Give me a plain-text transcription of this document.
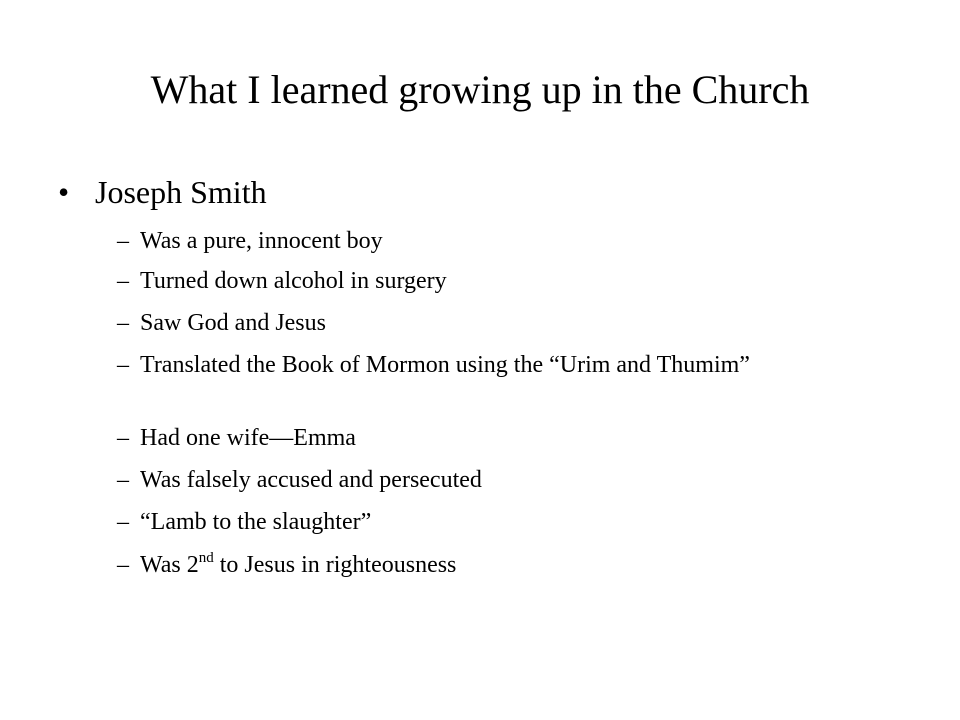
What I learned growing up in the Church
• Joseph Smith
– Was a pure, innocent boy
– Turned down alcohol in surgery
– Saw God and Jesus
– Translated the Book of Mormon using the “Urim and Thumim”
– Had one wife—Emma
– Was falsely accused and persecuted
– “Lamb to the slaughter”
– Was 2nd to Jesus in righteousness
